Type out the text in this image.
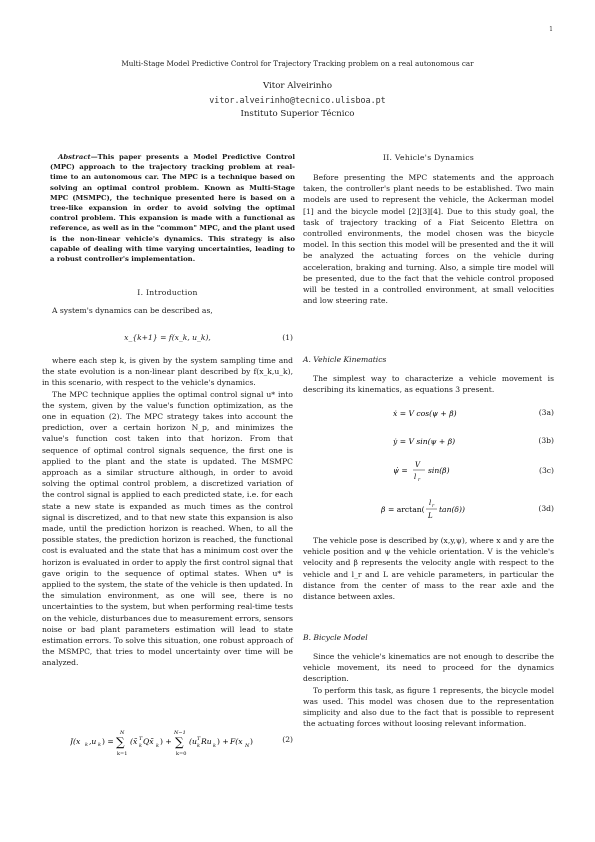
1
Multi-Stage Model Predictive Control for Trajectory Tracking problem on a real autonomous car
Vitor Alveirinho
vitor.alveirinho@tecnico.ulisboa.pt
Instituto Superior Técnico
Abstract—This paper presents a Model Predictive Control (MPC) approach to the trajectory tracking problem at real-time to an autonomous car. The MPC is a technique based on solving an optimal control problem. Known as Multi-Stage MPC (MSMPC), the technique presented here is based on a tree-like expansion in order to avoid solving the optimal control problem. This expansion is made with a functional as reference, as well as in the "common" MPC, and the plant used is the non-linear vehicle's dynamics. This strategy is also capable of dealing with time varying uncertainties, leading to a robust controller's implementation.
I. Introduction

A system's dynamics can be described as,

x_{k+1} = f(x_k, u_k),	(1)

where each step k, is given by the system sampling time and the state evolution is a non-linear plant described by f(x_k,u_k), in this scenario, with respect to the vehicle's dynamics.

The MPC technique applies the optimal control signal u* into the system, given by the value's function optimization, as the one in equation (2). The MPC strategy takes into account the prediction, over a certain horizon N_p, and minimizes the value's function cost taken into that horizon. From that sequence of optimal control signals sequence, the first one is applied to the plant and the state is updated. The MSMPC approach as a similar structure although, in order to avoid solving the optimal control problem, a discretized variation of the control signal is applied to each predicted state, i.e. for each state a new state is expanded as much times as the control signal is discretized, and to that new state this expansion is also made, until the prediction horizon is reached. When, to all the possible states, the prediction horizon is reached, the functional cost is evaluated and the state that has a minimum cost over the horizon is evaluated in order to apply the first control signal that gave origin to the sequence of optimal states. When u* is applied to the system, the state of the vehicle is then updated. In the simulation environment, as one will see, there is no uncertainties to the system, but when performing real-time tests on the vehicle, disturbances due to measurement errors, sensors noise or bad plant parameters estimation will lead to state estimation errors. To solve this situation, one robust approach of the MSMPC, that tries to model uncertainty over time will be analyzed.

J(x k ,u k ) =
N
∑
k=1
(x̃ T
k Qx̃ k ) +
N−1
∑
k=0
(u T
k Ru k ) + F(x N )	(2)
II. Vehicle's Dynamics

Before presenting the MPC statements and the approach taken, the controller's plant needs to be established. Two main models are used to represent the vehicle, the Ackerman model [1] and the bicycle model [2][3][4]. Due to this study goal, the task of trajectory tracking of a Fiat Seicento Elettra on controlled environments, the model chosen was the bicycle model. In this section this model will be presented and the it will be analyzed the actuating forces on the vehicle during acceleration, braking and turning. Also, a simple tire model will be presented, due to the fact that the vehicle control proposed will be tested in a controlled environment, at small velocities and low steering rate.

A. Vehicle Kinematics

The simplest way to characterize a vehicle movement is describing its kinematics, as equations 3 present.

ẋ = V cos(ψ + β)	(3a)
ẏ = V sin(ψ + β)	(3b)
ψ̇ =
V
l r
sin(β)	(3c)
β = arctan(
l r
L
tan(δ))	(3d)

The vehicle pose is described by (x,y,ψ), where x and y are the vehicle position and ψ the vehicle orientation. V is the vehicle's velocity and β represents the velocity angle with respect to the vehicle and l_r and L are vehicle parameters, in particular the distance from the center of mass to the rear axle and the distance between axles.

B. Bicycle Model

Since the vehicle's kinematics are not enough to describe the vehicle movement, its need to proceed for the dynamics description.

To perform this task, as figure 1 represents, the bicycle model was used. This model was chosen due to the representation simplicity and also due to the fact that is possible to represent the actuating forces without loosing relevant information.
